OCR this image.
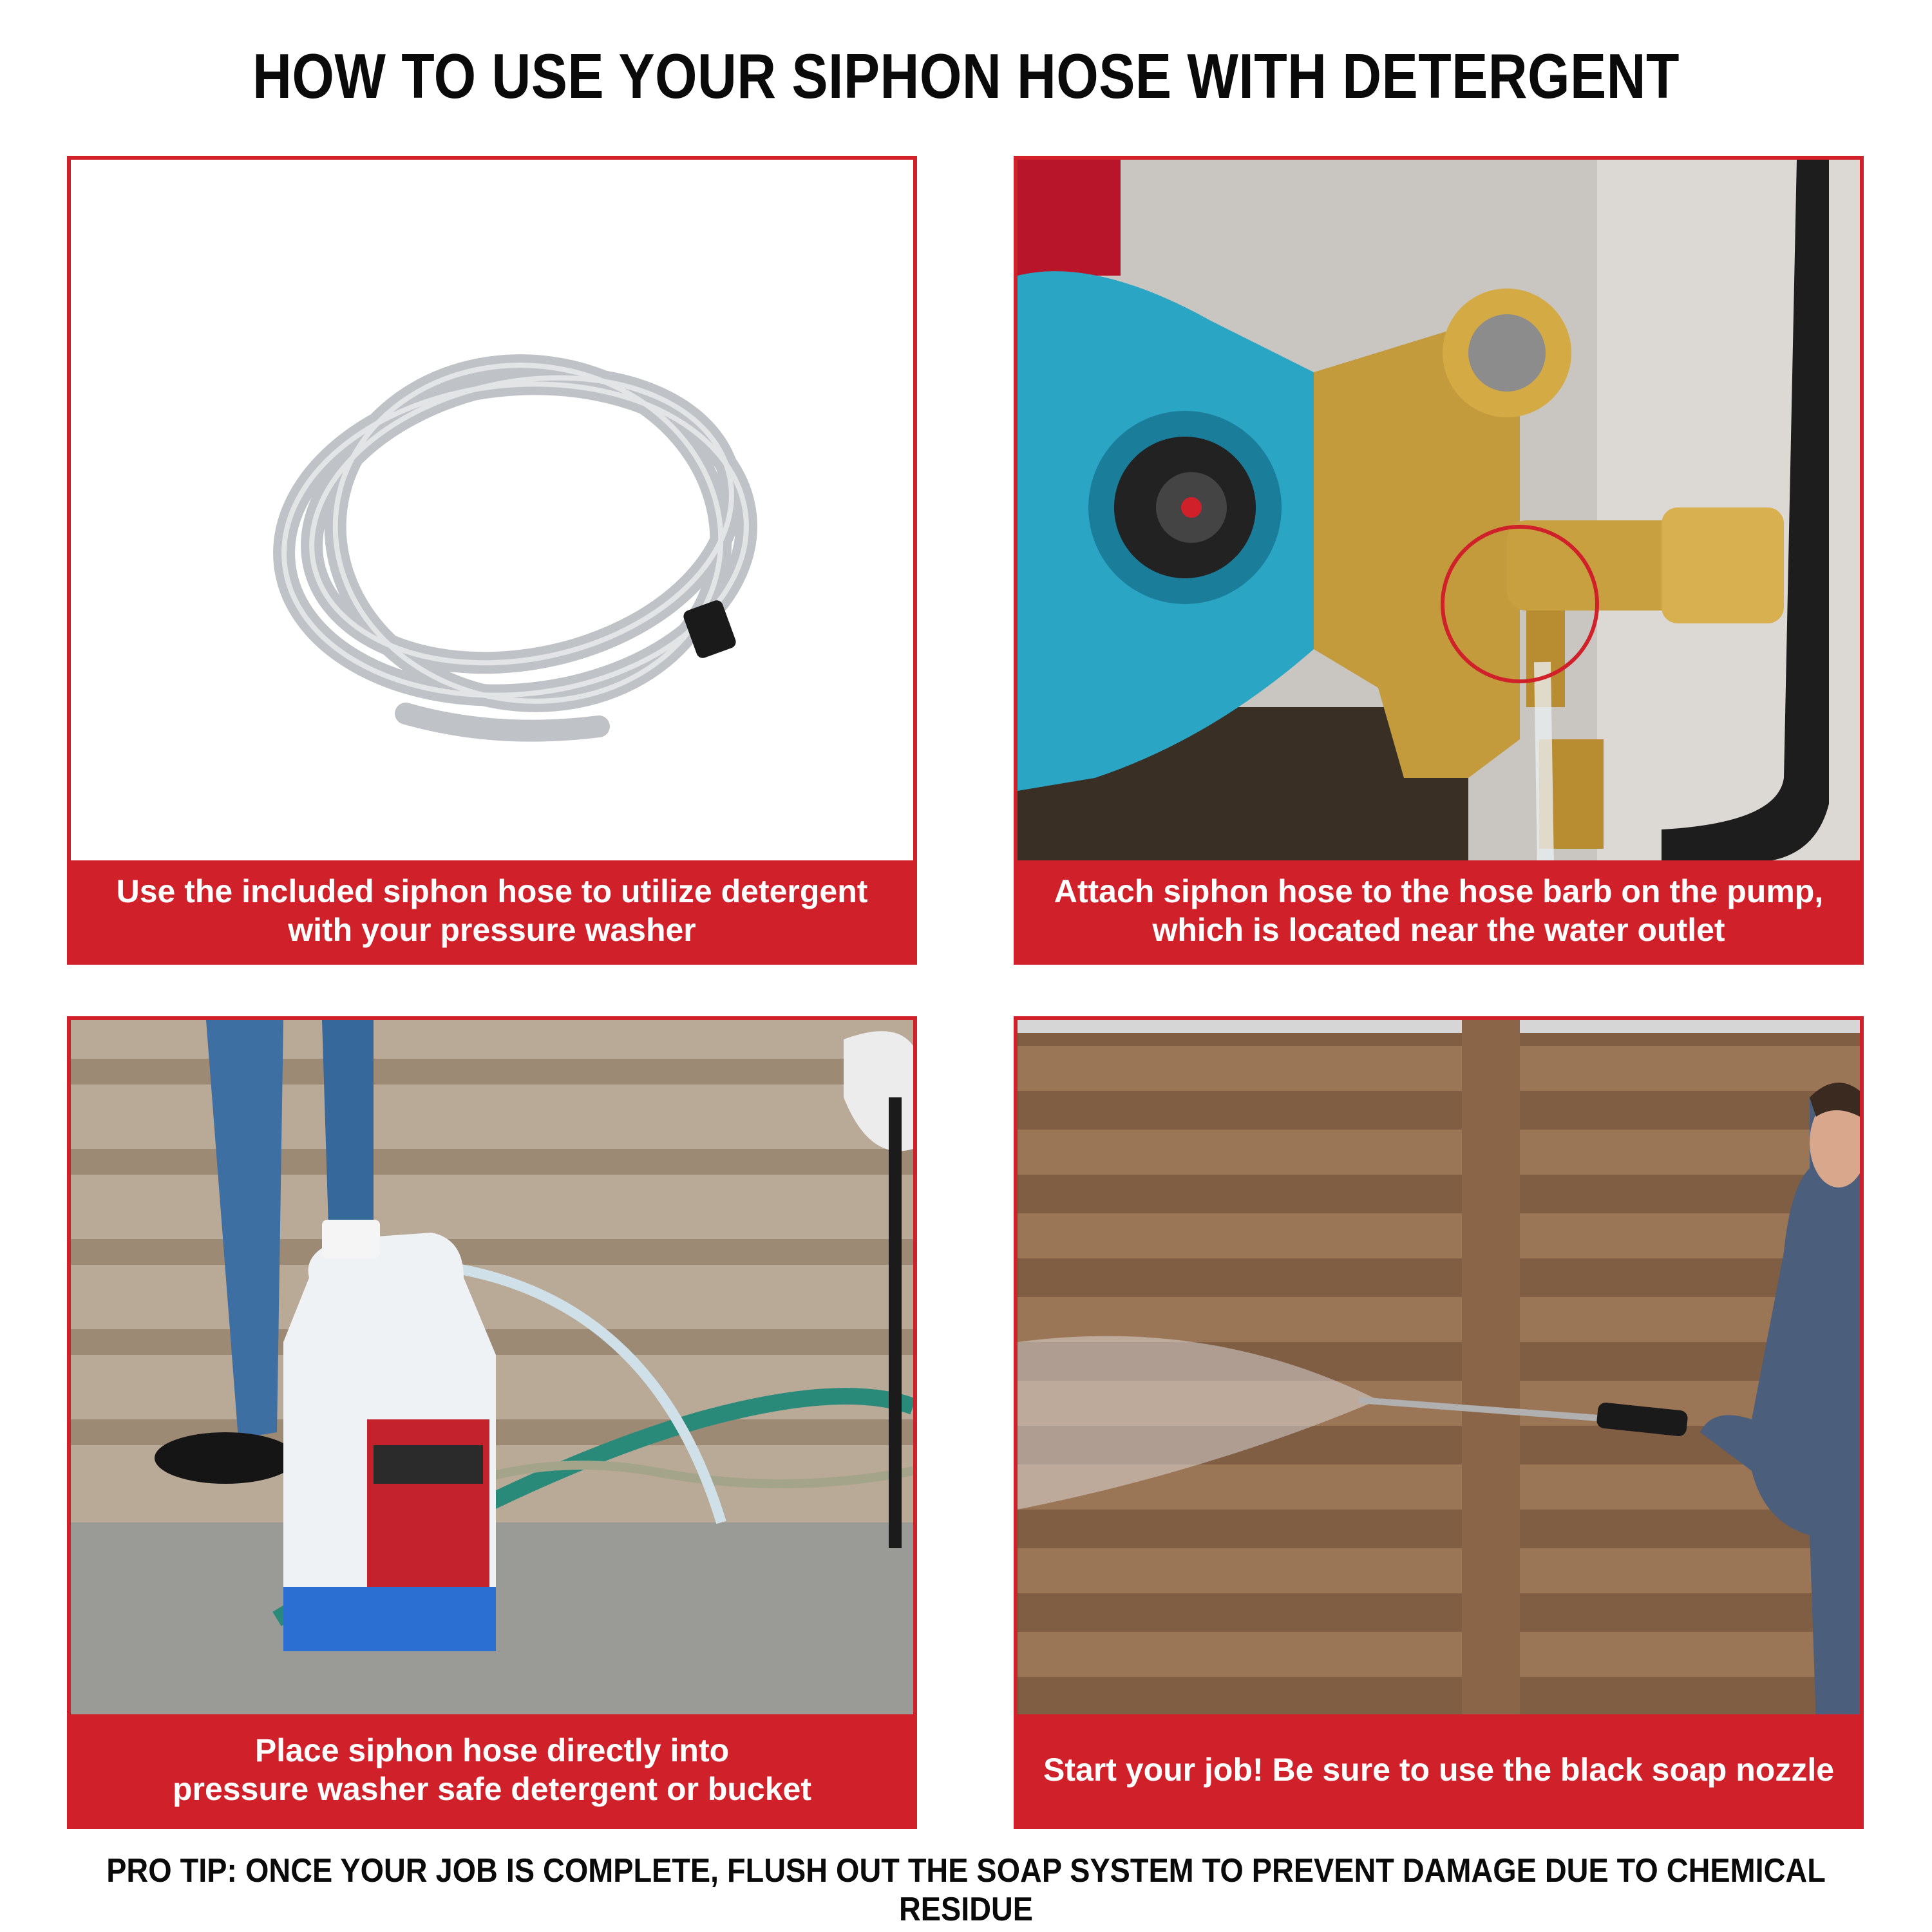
HOW TO USE YOUR SIPHON HOSE WITH DETERGENT
Use the included siphon hose to utilize detergent
with your pressure washer
Attach siphon hose to the hose barb on the pump,
which is located near the water outlet
Place siphon hose directly into
pressure washer safe detergent or bucket
Start your job! Be sure to use the black soap nozzle
PRO TIP: ONCE YOUR JOB IS COMPLETE, FLUSH OUT THE SOAP SYSTEM TO PREVENT DAMAGE DUE TO CHEMICAL RESIDUE
